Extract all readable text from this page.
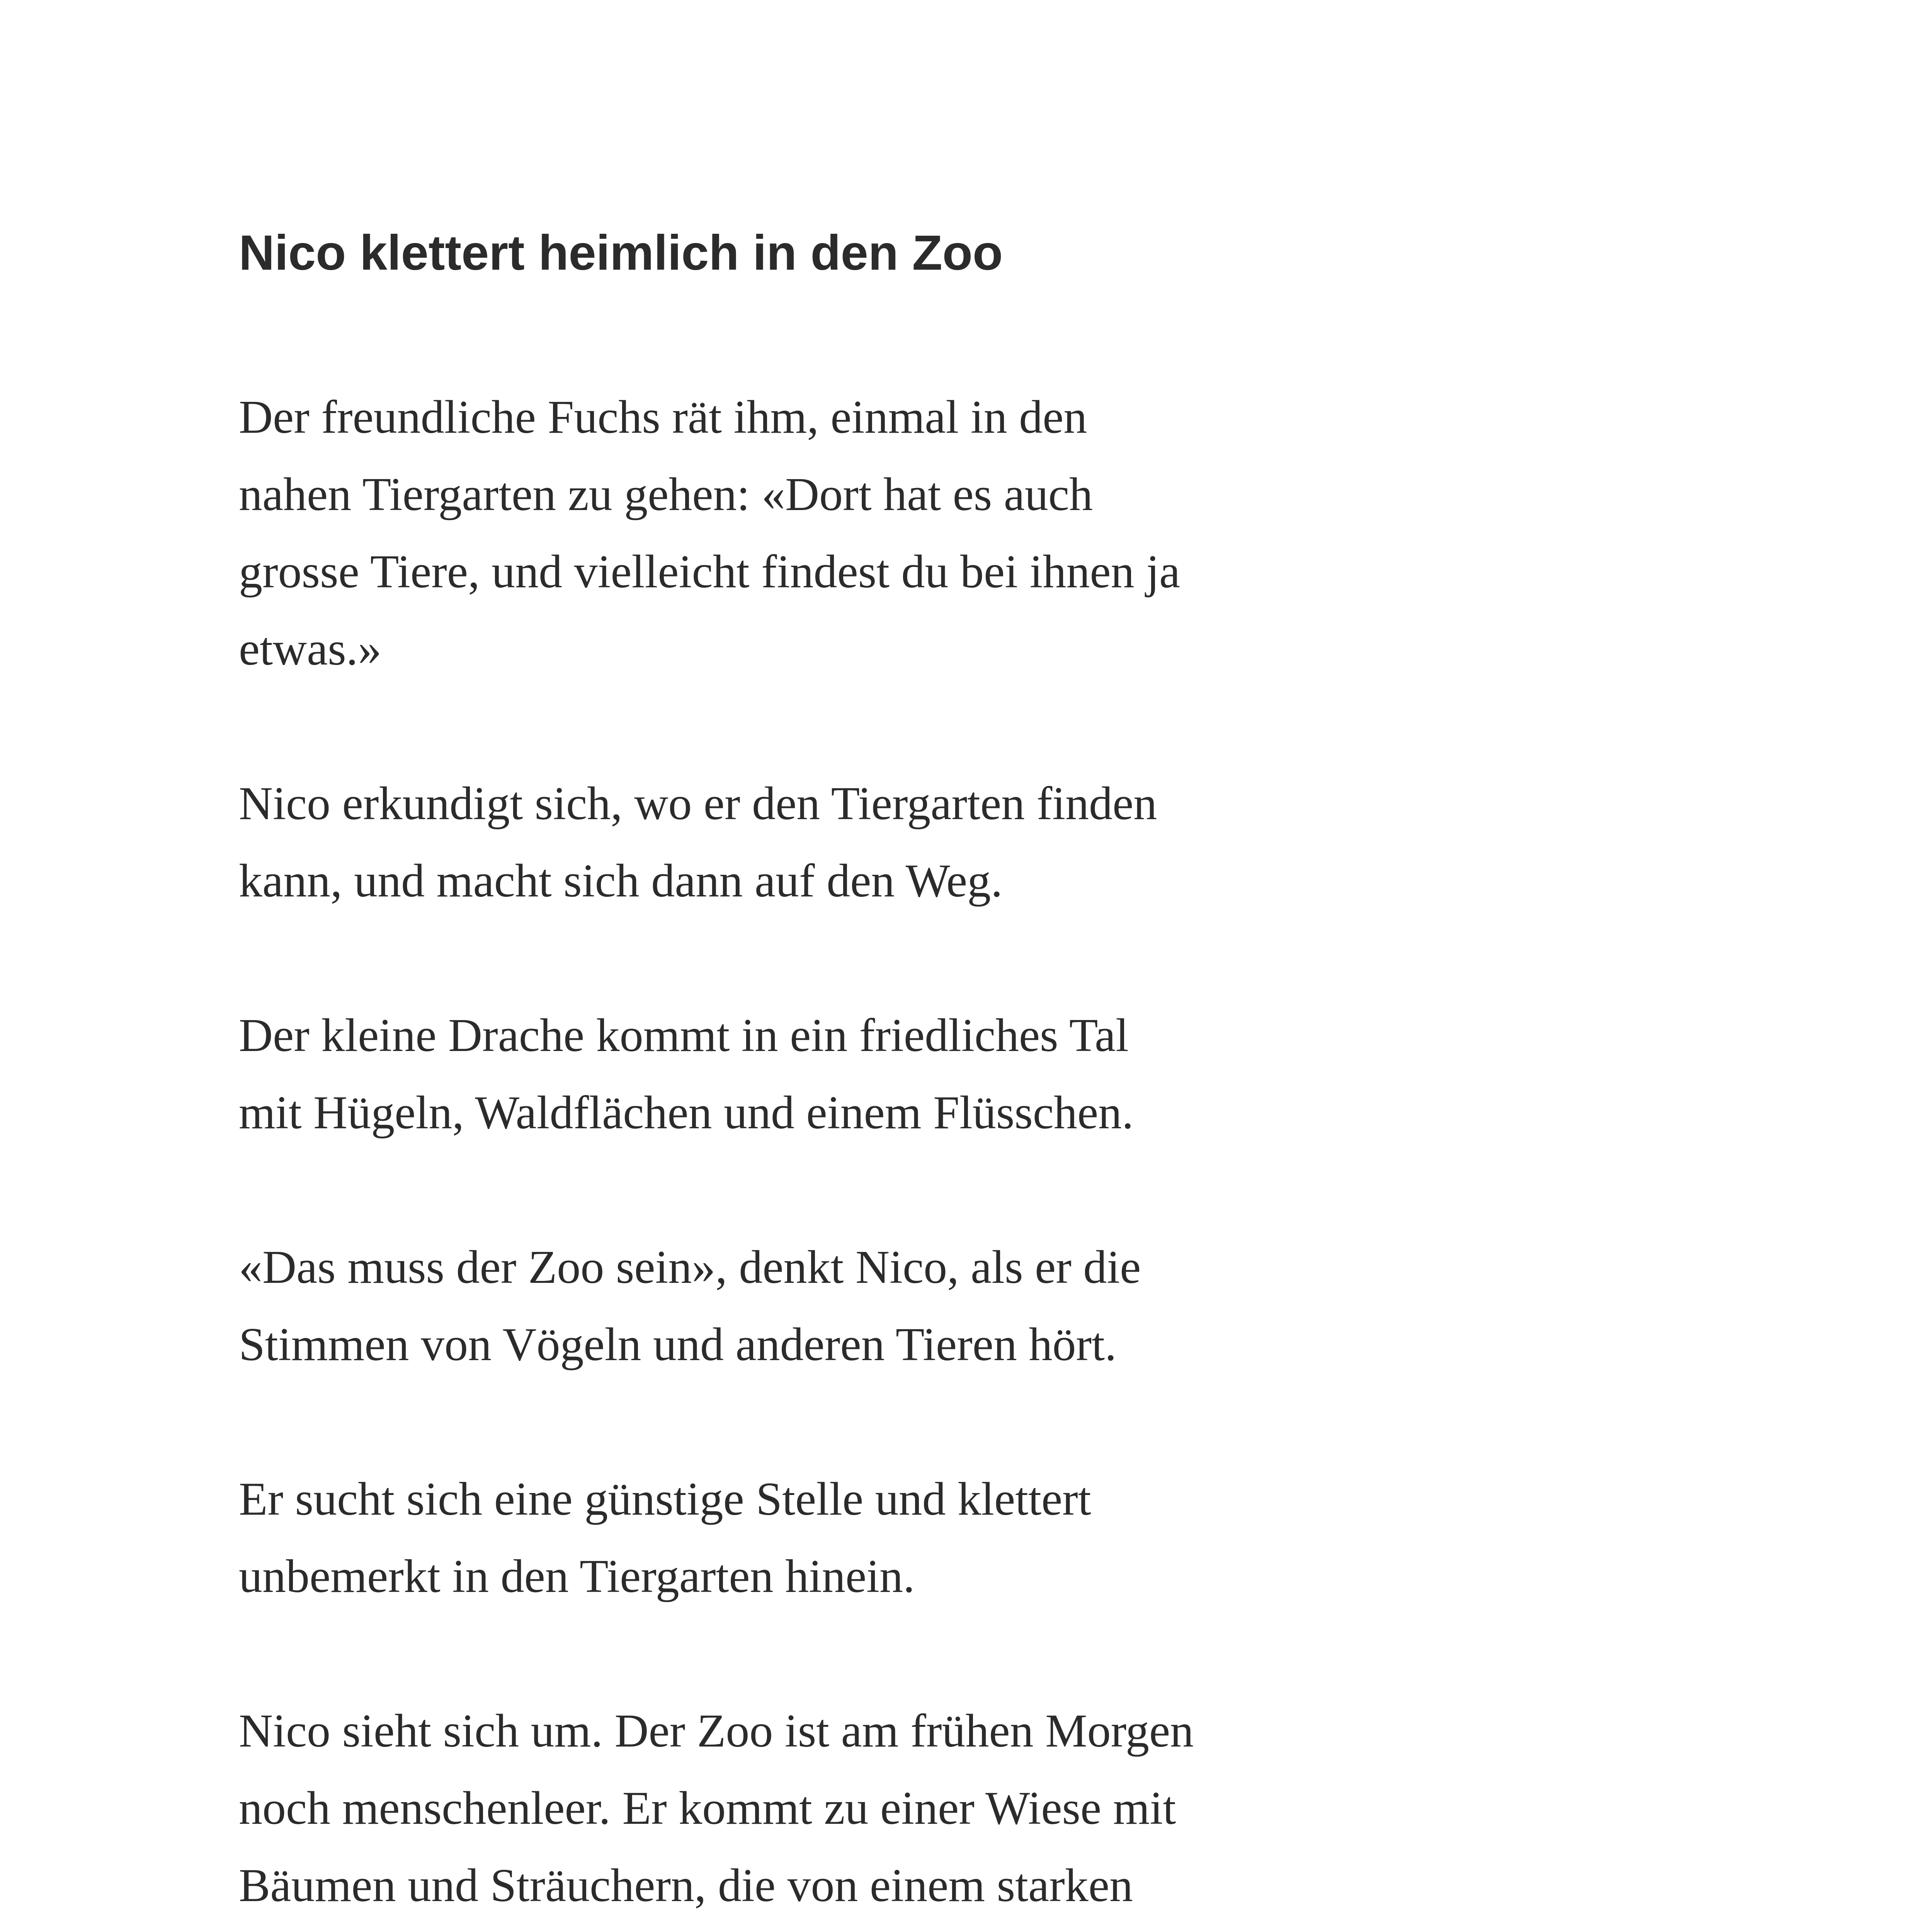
Nico klettert heimlich in den Zoo

Der freundliche Fuchs rät ihm, einmal in den
nahen Tiergarten zu gehen: «Dort hat es auch
grosse Tiere, und vielleicht findest du bei ihnen ja
etwas.»

Nico erkundigt sich, wo er den Tiergarten finden
kann, und macht sich dann auf den Weg.

Der kleine Drache kommt in ein friedliches Tal
mit Hügeln, Waldflächen und einem Flüsschen.

«Das muss der Zoo sein», denkt Nico, als er die
Stimmen von Vögeln und anderen Tieren hört.

Er sucht sich eine günstige Stelle und klettert
unbemerkt in den Tiergarten hinein.

Nico sieht sich um. Der Zoo ist am frühen Morgen
noch menschenleer. Er kommt zu einer Wiese mit
Bäumen und Sträuchern, die von einem starken
